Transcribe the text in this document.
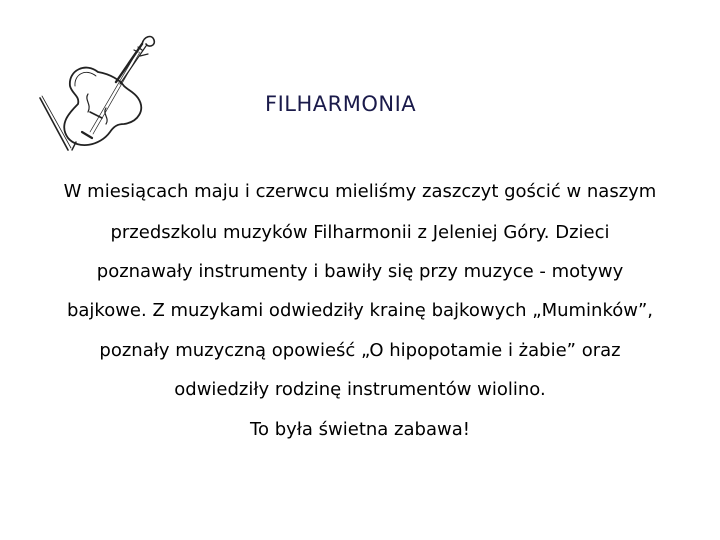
FILHARMONIA
W miesiącach maju i czerwcu mieliśmy zaszczyt gościć w naszym
przedszkolu muzyków Filharmonii z Jeleniej Góry. Dzieci
poznawały instrumenty i bawiły się przy muzyce - motywy
bajkowe. Z muzykami odwiedziły krainę bajkowych „Muminków”,
poznały muzyczną opowieść „O hipopotamie i żabie” oraz
odwiedziły rodzinę instrumentów wiolino.
To była świetna zabawa!
